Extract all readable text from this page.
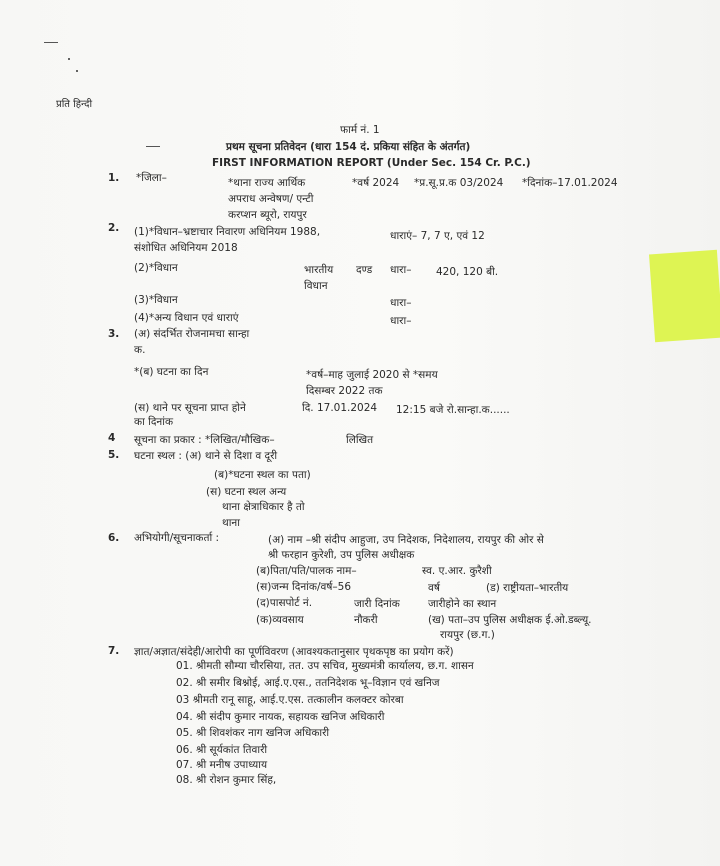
प्रति हिन्दी
फार्म नं. 1
प्रथम सूचना प्रतिवेदन (धारा 154 दं. प्रकिया संहित के अंतर्गत)
FIRST INFORMATION REPORT (Under Sec. 154 Cr. P.C.)
1. *जिला–	*थाना राज्य आर्थिक
अपराध अन्वेषण/ एन्टी
करप्शन ब्यूरो, रायपुर
*वर्ष 2024 *प्र.सू.प्र.क 03/2024 *दिनांक–17.01.2024
2. (1)*विधान–भ्रष्टाचार निवारण अधिनियम 1988,
संशोधित अधिनियम 2018
धाराएं– 7, 7 ए, एवं 12
(2)*विधान	भारतीय दण्ड
विधान
धारा– 420, 120 बी.
(3)*विधान	धारा–
(4)*अन्य विधान एवं धाराएं	धारा–
3. (अ) संदर्भित रोजनामचा सान्हा
क.
*(ब) घटना का दिन	*वर्ष–माह जुलाई 2020 से *समय
दिसम्बर 2022 तक
(स) थाने पर सूचना प्राप्त होने
का दिनांक
दि. 17.01.2024 12:15 बजे रो.सान्हा.क......
4 सूचना का प्रकार : *लिखित/मौखिक–	लिखित
5. घटना स्थल : (अ) थाने से दिशा व दूरी
(ब)*घटना स्थल का पता)
(स) घटना स्थल अन्य
थाना क्षेत्राधिकार है तो
थाना
6. अभियोगी/सूचनाकर्ता :	(अ) नाम –श्री संदीप आहुजा, उप निदेशक, निदेशालय, रायपुर की ओर से
श्री फरहान कुरेशी, उप पुलिस अधीक्षक
(ब)पिता/पति/पालक नाम–	स्व. ए.आर. कुरैशी
(स)जन्म दिनांक/वर्ष–56	वर्ष	(ड) राष्ट्रीयता–भारतीय
(द)पासपोर्ट नं.	जारी दिनांक	जारीहोने का स्थान
(क)व्यवसाय	नौकरी	(ख) पता–उप पुलिस अधीक्षक ई.ओ.डब्ल्यू.
रायपुर (छ.ग.)
7. ज्ञात/अज्ञात/संदेही/आरोपी का पूर्णविवरण (आवश्यकतानुसार पृथकपृष्ठ का प्रयोग करें)
01. श्रीमती सौम्या चौरसिया, तत. उप सचिव, मुख्यमंत्री कार्यालय, छ.ग. शासन
02. श्री समीर बिश्नोई, आई.ए.एस., ततनिदेशक भू–विज्ञान एवं खनिज
03 श्रीमती रानू साहू, आई.ए.एस. तत्कालीन कलक्टर कोरबा
04. श्री संदीप कुमार नायक, सहायक खनिज अधिकारी
05. श्री शिवशंकर नाग खनिज अधिकारी
06. श्री सूर्यकांत तिवारी
07. श्री मनीष उपाध्याय
08. श्री रोशन कुमार सिंह,
